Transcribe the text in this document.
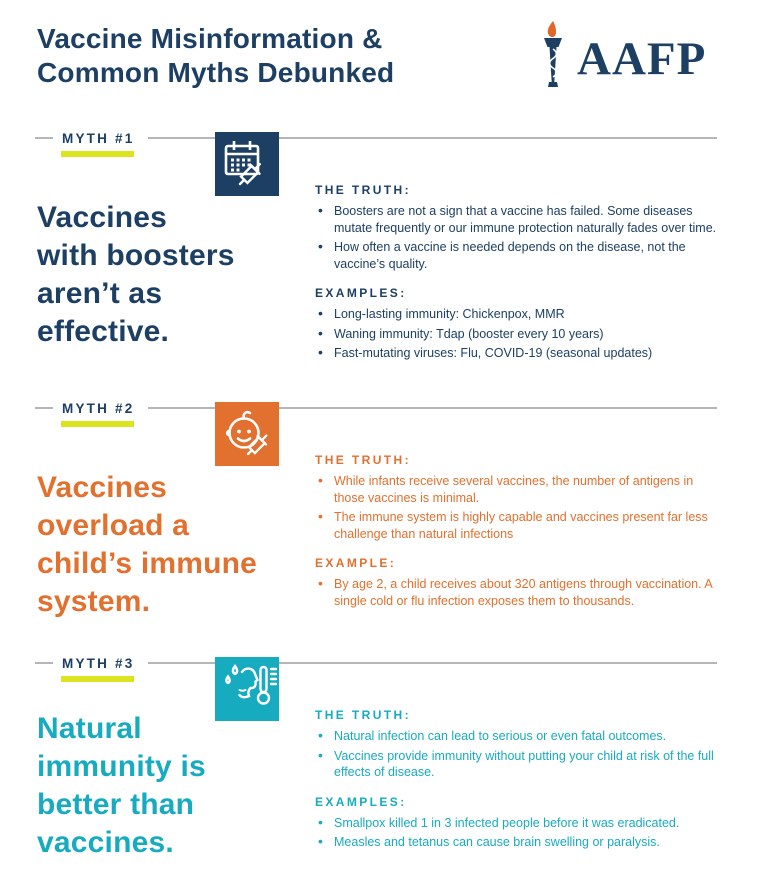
Vaccine Misinformation &
Common Myths Debunked	AAFP
MYTH #1
Vaccines
with boosters
aren’t as
effective.

THE TRUTH:

• Boosters are not a sign that a vaccine has failed. Some diseases mutate frequently or our immune protection naturally fades over time.
• How often a vaccine is needed depends on the disease, not the vaccine’s quality.

EXAMPLES:

• Long-lasting immunity: Chickenpox, MMR
• Waning immunity: Tdap (booster every 10 years)
• Fast-mutating viruses: Flu, COVID-19 (seasonal updates)
MYTH #2
Vaccines
overload a
child’s immune
system.

THE TRUTH:

• While infants receive several vaccines, the number of antigens in those vaccines is minimal.
• The immune system is highly capable and vaccines present far less challenge than natural infections

EXAMPLE:

• By age 2, a child receives about 320 antigens through vaccination. A single cold or flu infection exposes them to thousands.
MYTH #3
Natural
immunity is
better than
vaccines.

THE TRUTH:

• Natural infection can lead to serious or even fatal outcomes.
• Vaccines provide immunity without putting your child at risk of the full effects of disease.

EXAMPLES:

• Smallpox killed 1 in 3 infected people before it was eradicated.
• Measles and tetanus can cause brain swelling or paralysis.
